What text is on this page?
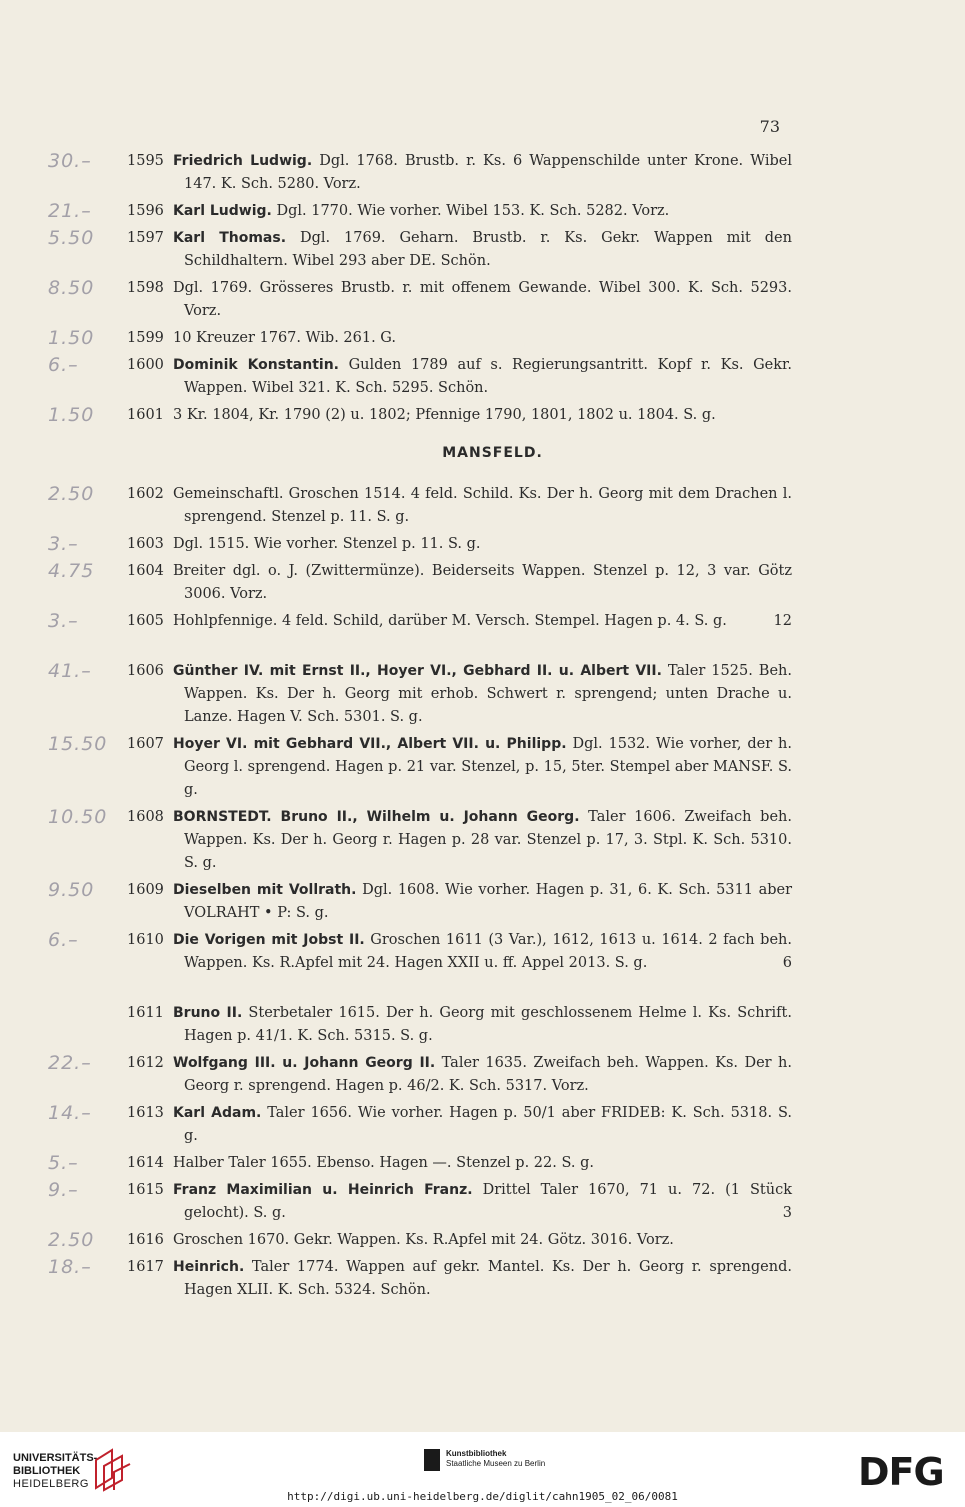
73
30.–	1595 Friedrich Ludwig. Dgl. 1768. Brustb. r. Ks. 6 Wappenschilde unter Krone. Wibel 147. K. Sch. 5280. Vorz.

21.–	1596 Karl Ludwig. Dgl. 1770. Wie vorher. Wibel 153. K. Sch. 5282. Vorz.

5.50	1597 Karl Thomas. Dgl. 1769. Geharn. Brustb. r. Ks. Gekr. Wappen mit den Schildhaltern. Wibel 293 aber DE. Schön.

8.50	1598 Dgl. 1769. Grösseres Brustb. r. mit offenem Gewande. Wibel 300. K. Sch. 5293. Vorz.

1.50	1599 10 Kreuzer 1767. Wib. 261. G.

6.–	1600 Dominik Konstantin. Gulden 1789 auf s. Regierungsantritt. Kopf r. Ks. Gekr. Wappen. Wibel 321. K. Sch. 5295. Schön.

1.50	1601 3 Kr. 1804, Kr. 1790 (2) u. 1802; Pfennige 1790, 1801, 1802 u. 1804. S. g.

MANSFELD.
2.50	1602 Gemeinschaftl. Groschen 1514. 4 feld. Schild. Ks. Der h. Georg mit dem Drachen l. sprengend. Stenzel p. 11. S. g.

3.–	1603 Dgl. 1515. Wie vorher. Stenzel p. 11. S. g.

4.75	1604 Breiter dgl. o. J. (Zwittermünze). Beiderseits Wappen. Stenzel p. 12, 3 var. Götz 3006. Vorz.

3.–	1605 Hohlpfennige. 4 feld. Schild, darüber M. Versch. Stempel. Hagen p. 4. S. g.	12

41.–	1606 Günther IV. mit Ernst II., Hoyer VI., Gebhard II. u. Albert VII. Taler 1525. Beh. Wappen. Ks. Der h. Georg mit erhob. Schwert r. sprengend; unten Drache u. Lanze. Hagen V. Sch. 5301. S. g.

15.50	1607 Hoyer VI. mit Gebhard VII., Albert VII. u. Philipp. Dgl. 1532. Wie vorher, der h. Georg l. sprengend. Hagen p. 21 var. Stenzel, p. 15, 5ter. Stempel aber MANSF. S. g.

10.50	1608 BORNSTEDT. Bruno II., Wilhelm u. Johann Georg. Taler 1606. Zweifach beh. Wappen. Ks. Der h. Georg r. Hagen p. 28 var. Stenzel p. 17, 3. Stpl. K. Sch. 5310. S. g.

9.50	1609 Dieselben mit Vollrath. Dgl. 1608. Wie vorher. Hagen p. 31, 6. K. Sch. 5311 aber VOLRAHT • P: S. g.

6.–	1610 Die Vorigen mit Jobst II. Groschen 1611 (3 Var.), 1612, 1613 u. 1614. 2 fach beh. Wappen. Ks. R.Apfel mit 24. Hagen XXII u. ff. Appel 2013. S. g.	6

1611 Bruno II. Sterbetaler 1615. Der h. Georg mit geschlossenem Helme l. Ks. Schrift. Hagen p. 41/1. K. Sch. 5315. S. g.

22.–	1612 Wolfgang III. u. Johann Georg II. Taler 1635. Zweifach beh. Wappen. Ks. Der h. Georg r. sprengend. Hagen p. 46/2. K. Sch. 5317. Vorz.

14.–	1613 Karl Adam. Taler 1656. Wie vorher. Hagen p. 50/1 aber FRIDEB: K. Sch. 5318. S. g.

5.–	1614 Halber Taler 1655. Ebenso. Hagen —. Stenzel p. 22. S. g.

9.–	1615 Franz Maximilian u. Heinrich Franz. Drittel Taler 1670, 71 u. 72. (1 Stück gelocht). S. g.	3

2.50	1616 Groschen 1670. Gekr. Wappen. Ks. R.Apfel mit 24. Götz. 3016. Vorz.

18.–	1617 Heinrich. Taler 1774. Wappen auf gekr. Mantel. Ks. Der h. Georg r. sprengend. Hagen XLII. K. Sch. 5324. Schön.

UNIVERSITÄTS-
BIBLIOTHEK
HEIDELBERG
Kunstbibliothek
Staatliche Museen zu Berlin	DFG
http://digi.ub.uni-heidelberg.de/diglit/cahn1905_02_06/0081
